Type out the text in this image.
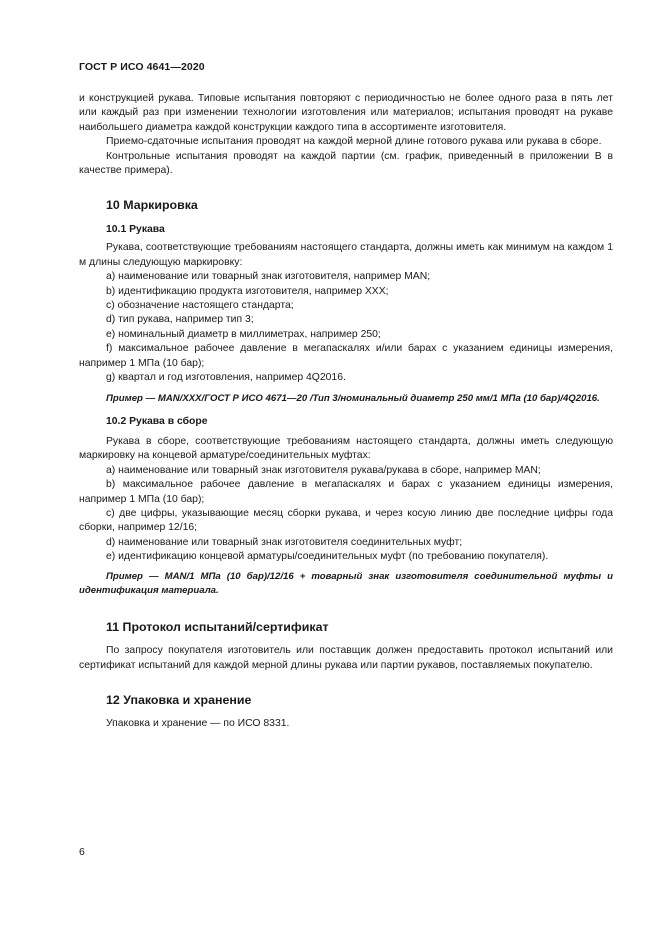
ГОСТ Р ИСО 4641—2020

и конструкцией рукава. Типовые испытания повторяют с периодичностью не более одного раза в пять лет или каждый раз при изменении технологии изготовления или материалов; испытания проводят на рукаве наибольшего диаметра каждой конструкции каждого типа в ассортименте изготовителя.

Приемо-сдаточные испытания проводят на каждой мерной длине готового рукава или рукава в сборе.

Контрольные испытания проводят на каждой партии (см. график, приведенный в приложении В в качестве примера).

10 Маркировка
10.1 Рукава

Рукава, соответствующие требованиям настоящего стандарта, должны иметь как минимум на каждом 1 м длины следующую маркировку:

a) наименование или товарный знак изготовителя, например MAN;

b) идентификацию продукта изготовителя, например XXX;

c) обозначение настоящего стандарта;

d) тип рукава, например тип 3;

e) номинальный диаметр в миллиметрах, например 250;

f) максимальное рабочее давление в мегапаскалях и/или барах с указанием единицы измерения, например 1 МПа (10 бар);

g) квартал и год изготовления, например 4Q2016.

Пример — MAN/XXX/ГОСТ Р ИСО 4671—20 /Тип 3/номинальный диаметр 250 мм/1 МПа (10 бар)/4Q2016.

10.2 Рукава в сборе

Рукава в сборе, соответствующие требованиям настоящего стандарта, должны иметь следующую маркировку на концевой арматуре/соединительных муфтах:

a) наименование или товарный знак изготовителя рукава/рукава в сборе, например MAN;

b) максимальное рабочее давление в мегапаскалях и барах с указанием единицы измерения, например 1 МПа (10 бар);

c) две цифры, указывающие месяц сборки рукава, и через косую линию две последние цифры года сборки, например 12/16;

d) наименование или товарный знак изготовителя соединительных муфт;

e) идентификацию концевой арматуры/соединительных муфт (по требованию покупателя).

Пример — MAN/1 МПа (10 бар)/12/16 + товарный знак изготовителя соединительной муфты и идентификация материала.

11 Протокол испытаний/сертификат

По запросу покупателя изготовитель или поставщик должен предоставить протокол испытаний или сертификат испытаний для каждой мерной длины рукава или партии рукавов, поставляемых покупателю.

12 Упаковка и хранение

Упаковка и хранение — по ИСО 8331.

6
